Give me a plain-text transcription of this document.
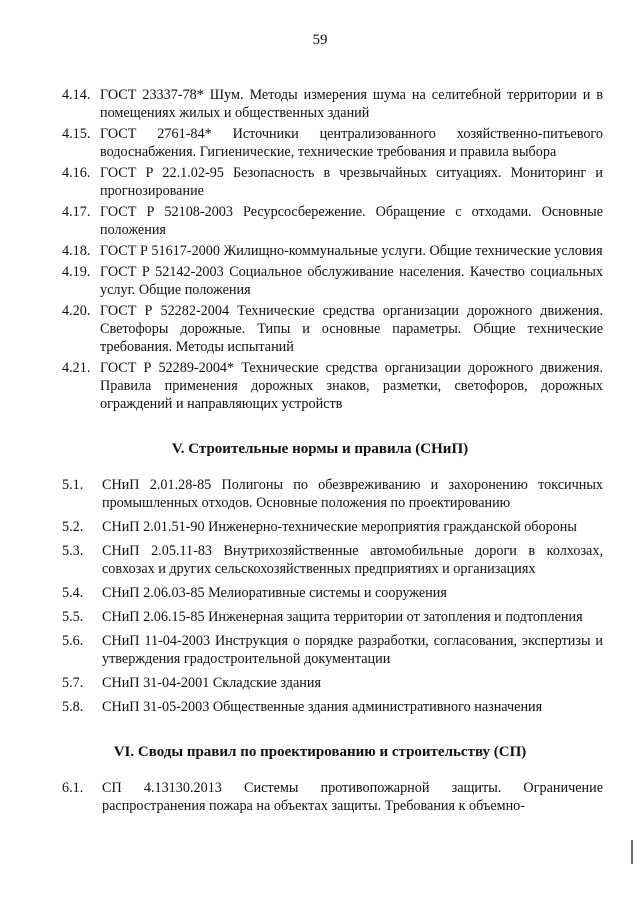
59
4.14. ГОСТ 23337-78* Шум. Методы измерения шума на селитебной территории и в помещениях жилых и общественных зданий
4.15. ГОСТ 2761-84* Источники централизованного хозяйственно-питьевого водоснабжения. Гигиенические, технические требования и правила выбора
4.16. ГОСТ Р 22.1.02-95 Безопасность в чрезвычайных ситуациях. Мониторинг и прогнозирование
4.17. ГОСТ Р 52108-2003 Ресурсосбережение. Обращение с отходами. Основные положения
4.18. ГОСТ Р 51617-2000 Жилищно-коммунальные услуги. Общие технические условия
4.19. ГОСТ Р 52142-2003 Социальное обслуживание населения. Качество социальных услуг. Общие положения
4.20. ГОСТ Р 52282-2004 Технические средства организации дорожного движения. Светофоры дорожные. Типы и основные параметры. Общие технические требования. Методы испытаний
4.21. ГОСТ Р 52289-2004* Технические средства организации дорожного движения. Правила применения дорожных знаков, разметки, светофоров, дорожных ограждений и направляющих устройств
V. Строительные нормы и правила (СНиП)
5.1.	СНиП 2.01.28-85 Полигоны по обезвреживанию и захоронению токсичных промышленных отходов. Основные положения по проектированию
5.2.	СНиП 2.01.51-90 Инженерно-технические мероприятия гражданской обороны
5.3.	СНиП 2.05.11-83 Внутрихозяйственные автомобильные дороги в колхозах, совхозах и других сельскохозяйственных предприятиях и организациях
5.4.	СНиП 2.06.03-85 Мелиоративные системы и сооружения
5.5.	СНиП 2.06.15-85 Инженерная защита территории от затопления и подтопления
5.6.	СНиП 11-04-2003 Инструкция о порядке разработки, согласования, экспертизы и утверждения градостроительной документации
5.7.	СНиП 31-04-2001 Складские здания
5.8.	СНиП 31-05-2003 Общественные здания административного назначения
VI. Своды правил по проектированию и строительству (СП)
6.1.	СП 4.13130.2013 Системы противопожарной защиты. Ограничение распространения пожара на объектах защиты. Требования к объемно-
